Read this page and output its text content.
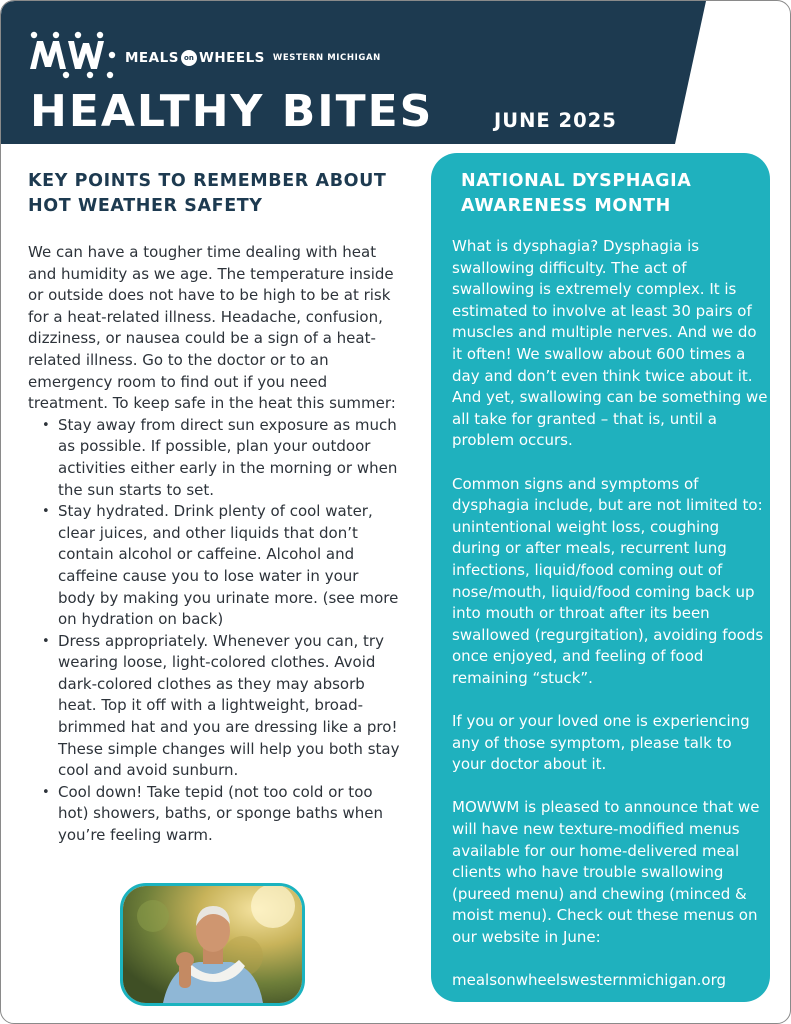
MEALS on WHEELS WESTERN MICHIGAN
HEALTHY BITES	JUNE 2025
KEY POINTS TO REMEMBER ABOUT HOT WEATHER SAFETY

We can have a tougher time dealing with heat and humidity as we age. The temperature inside or outside does not have to be high to be at risk for a heat-related illness. Headache, confusion, dizziness, or nausea could be a sign of a heat-related illness. Go to the doctor or to an emergency room to find out if you need treatment. To keep safe in the heat this summer:

• Stay away from direct sun exposure as much as possible. If possible, plan your outdoor activities either early in the morning or when the sun starts to set.
• Stay hydrated. Drink plenty of cool water, clear juices, and other liquids that don’t contain alcohol or caffeine. Alcohol and caffeine cause you to lose water in your body by making you urinate more. (see more on hydration on back)
• Dress appropriately. Whenever you can, try wearing loose, light-colored clothes. Avoid dark-colored clothes as they may absorb heat. Top it off with a lightweight, broad-brimmed hat and you are dressing like a pro! These simple changes will help you both stay cool and avoid sunburn.
• Cool down! Take tepid (not too cold or too hot) showers, baths, or sponge baths when you’re feeling warm.
NATIONAL DYSPHAGIA AWARENESS MONTH

What is dysphagia? Dysphagia is swallowing difficulty. The act of swallowing is extremely complex. It is estimated to involve at least 30 pairs of muscles and multiple nerves. And we do it often! We swallow about 600 times a day and don’t even think twice about it. And yet, swallowing can be something we all take for granted – that is, until a problem occurs.

Common signs and symptoms of dysphagia include, but are not limited to: unintentional weight loss, coughing during or after meals, recurrent lung infections, liquid/food coming out of nose/mouth, liquid/food coming back up into mouth or throat after its been swallowed (regurgitation), avoiding foods once enjoyed, and feeling of food remaining “stuck”.

If you or your loved one is experiencing any of those symptom, please talk to your doctor about it.

MOWWM is pleased to announce that we will have new texture-modified menus available for our home-delivered meal clients who have trouble swallowing (pureed menu) and chewing (minced & moist menu). Check out these menus on our website in June:

mealsonwheelswesternmichigan.org
